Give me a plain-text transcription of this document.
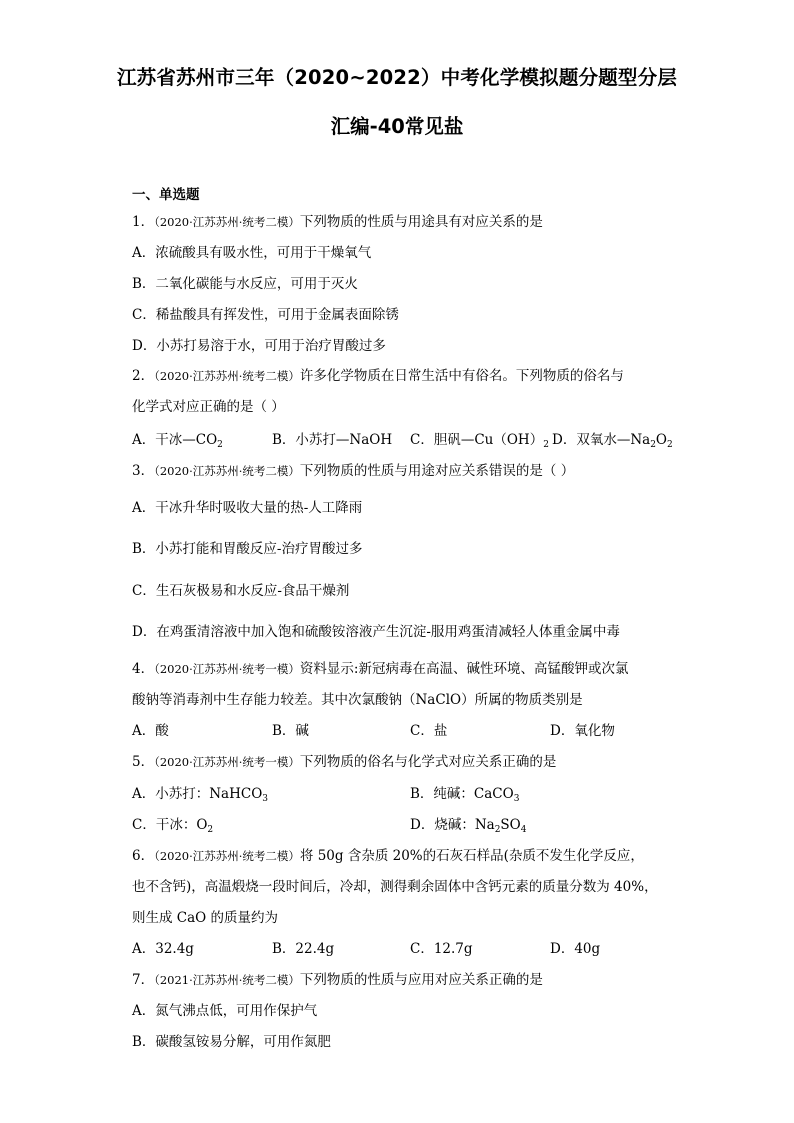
江苏省苏州市三年（2020~2022）中考化学模拟题分题型分层
汇编-40常见盐
一、单选题
1．（2020·江苏苏州·统考二模）下列物质的性质与用途具有对应关系的是
A．浓硫酸具有吸水性，可用于干燥氧气
B．二氧化碳能与水反应，可用于灭火
C．稀盐酸具有挥发性，可用于金属表面除锈
D．小苏打易溶于水，可用于治疗胃酸过多
2．（2020·江苏苏州·统考二模）许多化学物质在日常生活中有俗名。下列物质的俗名与
化学式对应正确的是（ ）
A．干冰$—CO_2$	B．小苏打—NaOH C．胆矾$—Cu(OH)_2$ D．双氧水$—Na_2O_2$
3．（2020·江苏苏州·统考二模）下列物质的性质与用途对应关系错误的是（ ）
A．干冰升华时吸收大量的热-人工降雨
B．小苏打能和胃酸反应-治疗胃酸过多
C．生石灰极易和水反应-食品干燥剂
D．在鸡蛋清溶液中加入饱和硫酸铵溶液产生沉淀-服用鸡蛋清减轻人体重金属中毒
4．（2020·江苏苏州·统考一模）资料显示:新冠病毒在高温、碱性环境、高锰酸钾或次氯
酸钠等消毒剂中生存能力较差。其中次氯酸钠（NaClO）所属的物质类别是
A．酸	B．碱	C．盐	D．氧化物
5．（2020·江苏苏州·统考一模）下列物质的俗名与化学式对应关系正确的是
A．小苏打：NaHCO$_3$	B．纯碱：CaCO$_3$
C．干冰：$O_2$	D．烧碱：$Na_2SO_4$
6．（2020·江苏苏州·统考二模）将 50g 含杂质 20%的石灰石样品(杂质不发生化学反应，
也不含钙)，高温煅烧一段时间后，冷却，测得剩余固体中含钙元素的质量分数为 40%，
则生成 CaO 的质量约为
A．32.4g	B．22.4g	C．12.7g	D．40g
7．（2021·江苏苏州·统考二模）下列物质的性质与应用对应关系正确的是
A．氮气沸点低，可用作保护气
B．碳酸氢铵易分解，可用作氮肥
